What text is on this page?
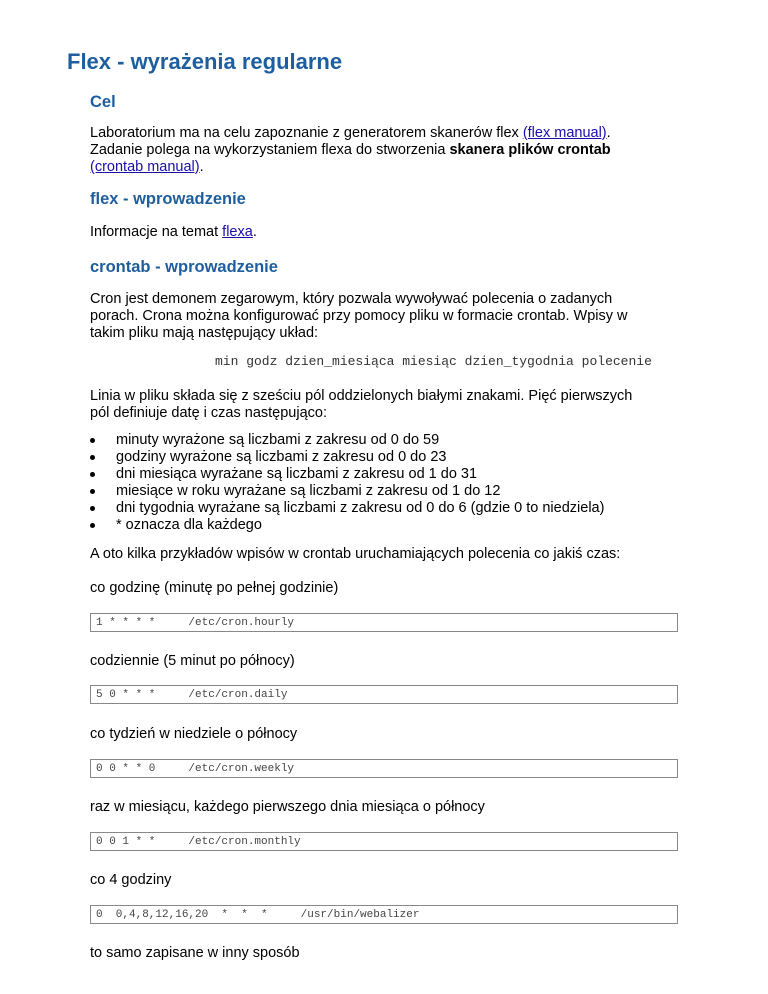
Flex - wyrażenia regularne
Cel
Laboratorium ma na celu zapoznanie z generatorem skanerów flex (flex manual).
Zadanie polega na wykorzystaniem flexa do stworzenia skanera plików crontab
(crontab manual).
flex - wprowadzenie
Informacje na temat flexa.
crontab - wprowadzenie
Cron jest demonem zegarowym, który pozwala wywoływać polecenia o zadanych
porach. Crona można konfigurować przy pomocy pliku w formacie crontab. Wpisy w
takim pliku mają następujący układ:
min godz dzien_miesiąca miesiąc dzien_tygodnia polecenie
Linia w pliku składa się z sześciu pól oddzielonych białymi znakami. Pięć pierwszych
pól definiuje datę i czas następująco:
minuty wyrażone są liczbami z zakresu od 0 do 59
godziny wyrażone są liczbami z zakresu od 0 do 23
dni miesiąca wyrażane są liczbami z zakresu od 1 do 31
miesiące w roku wyrażane są liczbami z zakresu od 1 do 12
dni tygodnia wyrażane są liczbami z zakresu od 0 do 6 (gdzie 0 to niedziela)
* oznacza dla każdego
A oto kilka przykładów wpisów w crontab uruchamiających polecenia co jakiś czas:
co godzinę (minutę po pełnej godzinie)
1 * * * *     /etc/cron.hourly
codziennie (5 minut po północy)
5 0 * * *     /etc/cron.daily
co tydzień w niedziele o północy
0 0 * * 0     /etc/cron.weekly
raz w miesiącu, każdego pierwszego dnia miesiąca o północy
0 0 1 * *     /etc/cron.monthly
co 4 godziny
0  0,4,8,12,16,20  *  *  *     /usr/bin/webalizer
to samo zapisane w inny sposób
